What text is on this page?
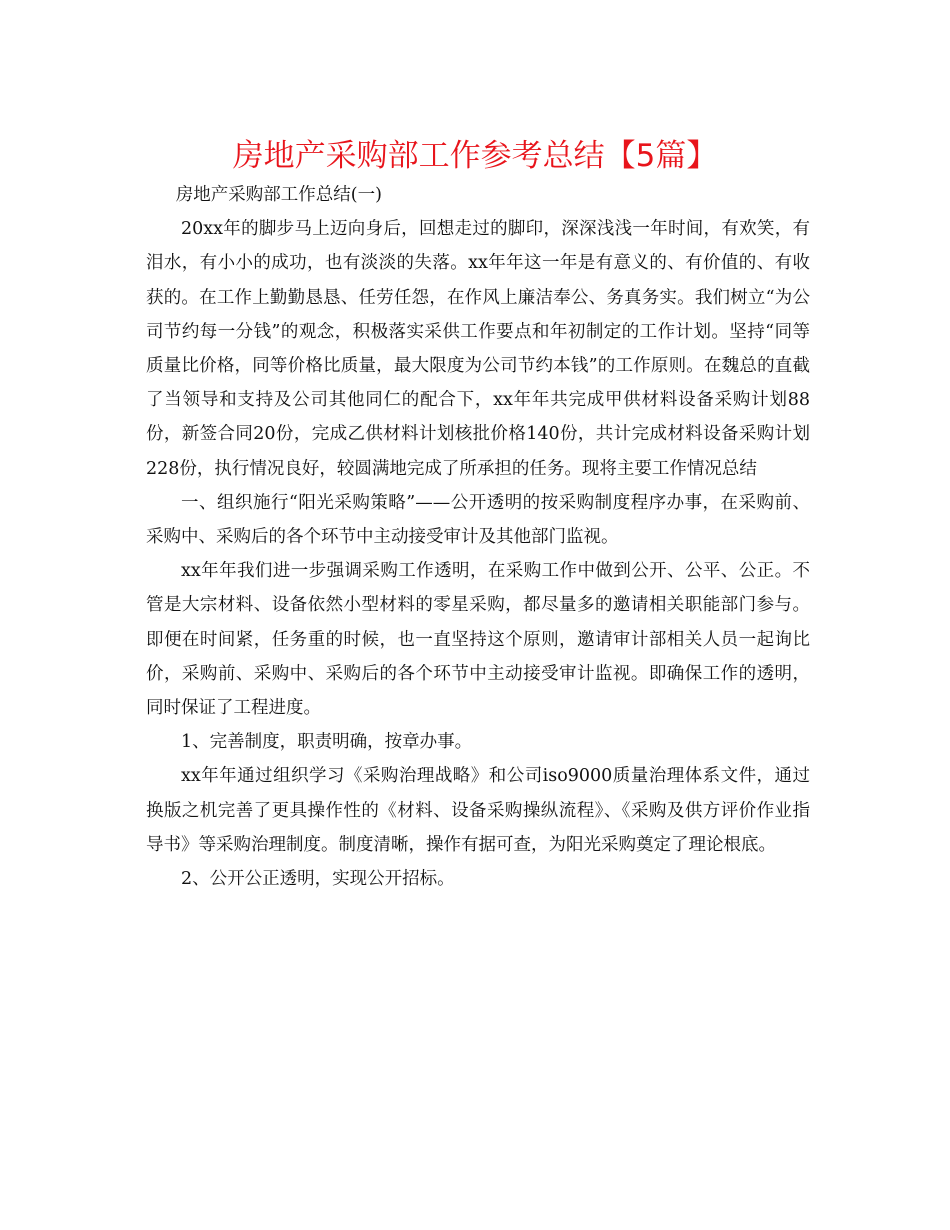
房地产采购部工作参考总结【5篇】

房地产采购部工作总结(一)

20xx年的脚步马上迈向身后，回想走过的脚印，深深浅浅一年时间，有欢笑，有泪水，有小小的成功，也有淡淡的失落。xx年年这一年是有意义的、有价值的、有收获的。在工作上勤勤恳恳、任劳任怨，在作风上廉洁奉公、务真务实。我们树立“为公司节约每一分钱”的观念，积极落实采供工作要点和年初制定的工作计划。坚持“同等质量比价格，同等价格比质量，最大限度为公司节约本钱”的工作原则。在魏总的直截了当领导和支持及公司其他同仁的配合下，xx年年共完成甲供材料设备采购计划88份，新签合同20份，完成乙供材料计划核批价格140份，共计完成材料设备采购计划228份，执行情况良好，较圆满地完成了所承担的任务。现将主要工作情况总结

一、组织施行“阳光采购策略”——公开透明的按采购制度程序办事，在采购前、采购中、采购后的各个环节中主动接受审计及其他部门监视。

xx年年我们进一步强调采购工作透明，在采购工作中做到公开、公平、公正。不管是大宗材料、设备依然小型材料的零星采购，都尽量多的邀请相关职能部门参与。即便在时间紧，任务重的时候，也一直坚持这个原则，邀请审计部相关人员一起询比价，采购前、采购中、采购后的各个环节中主动接受审计监视。即确保工作的透明，同时保证了工程进度。

1、完善制度，职责明确，按章办事。

xx年年通过组织学习《采购治理战略》和公司iso9000质量治理体系文件，通过换版之机完善了更具操作性的《材料、设备采购操纵流程》、《采购及供方评价作业指导书》等采购治理制度。制度清晰，操作有据可查，为阳光采购奠定了理论根底。

2、公开公正透明，实现公开招标。
